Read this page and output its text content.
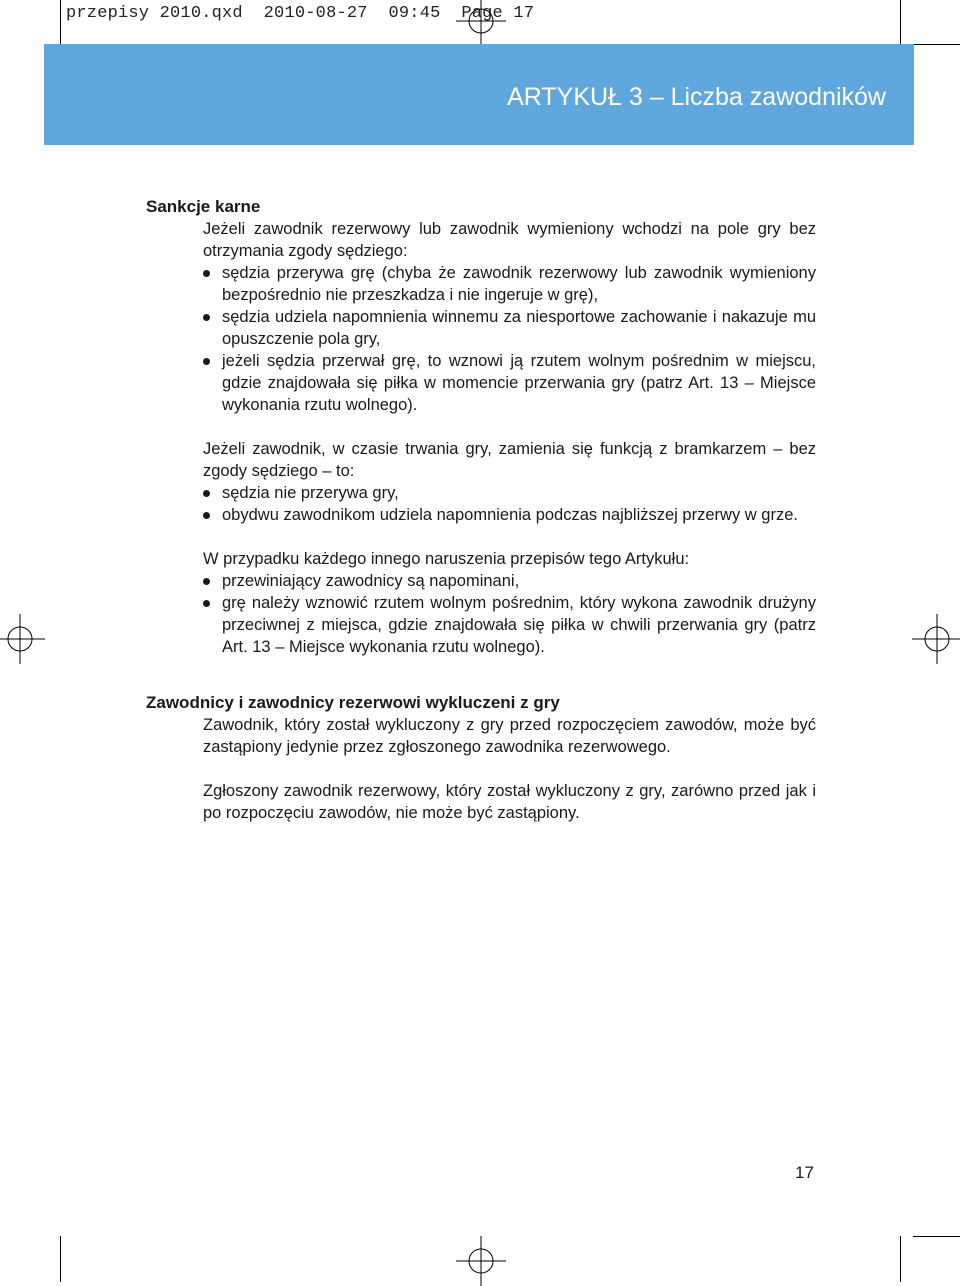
przepisy 2010.qxd 2010-08-27 09:45 Page 17
ARTYKUŁ 3 – Liczba zawodników
Sankcje karne
Jeżeli zawodnik rezerwowy lub zawodnik wymieniony wchodzi na pole gry bez otrzymania zgody sędziego:
sędzia przerywa grę (chyba że zawodnik rezerwowy lub zawodnik wymieniony bezpośrednio nie przeszkadza i nie ingeruje w grę),
sędzia udziela napomnienia winnemu za niesportowe zachowanie i nakazuje mu opuszczenie pola gry,
jeżeli sędzia przerwał grę, to wznowi ją rzutem wolnym pośrednim w miejscu, gdzie znajdowała się piłka w momencie przerwania gry (patrz Art. 13 – Miejsce wykonania rzutu wolnego).
Jeżeli zawodnik, w czasie trwania gry, zamienia się funkcją z bramkarzem – bez zgody sędziego – to:
sędzia nie przerywa gry,
obydwu zawodnikom udziela napomnienia podczas najbliższej przerwy w grze.
W przypadku każdego innego naruszenia przepisów tego Artykułu:
przewiniający zawodnicy są napominani,
grę należy wznowić rzutem wolnym pośrednim, który wykona zawodnik drużyny przeciwnej z miejsca, gdzie znajdowała się piłka w chwili przerwania gry (patrz Art. 13 – Miejsce wykonania rzutu wolnego).
Zawodnicy i zawodnicy rezerwowi wykluczeni z gry
Zawodnik, który został wykluczony z gry przed rozpoczęciem zawodów, może być zastąpiony jedynie przez zgłoszonego zawodnika rezerwowego.
Zgłoszony zawodnik rezerwowy, który został wykluczony z gry, zarówno przed jak i po rozpoczęciu zawodów, nie może być zastąpiony.
17
